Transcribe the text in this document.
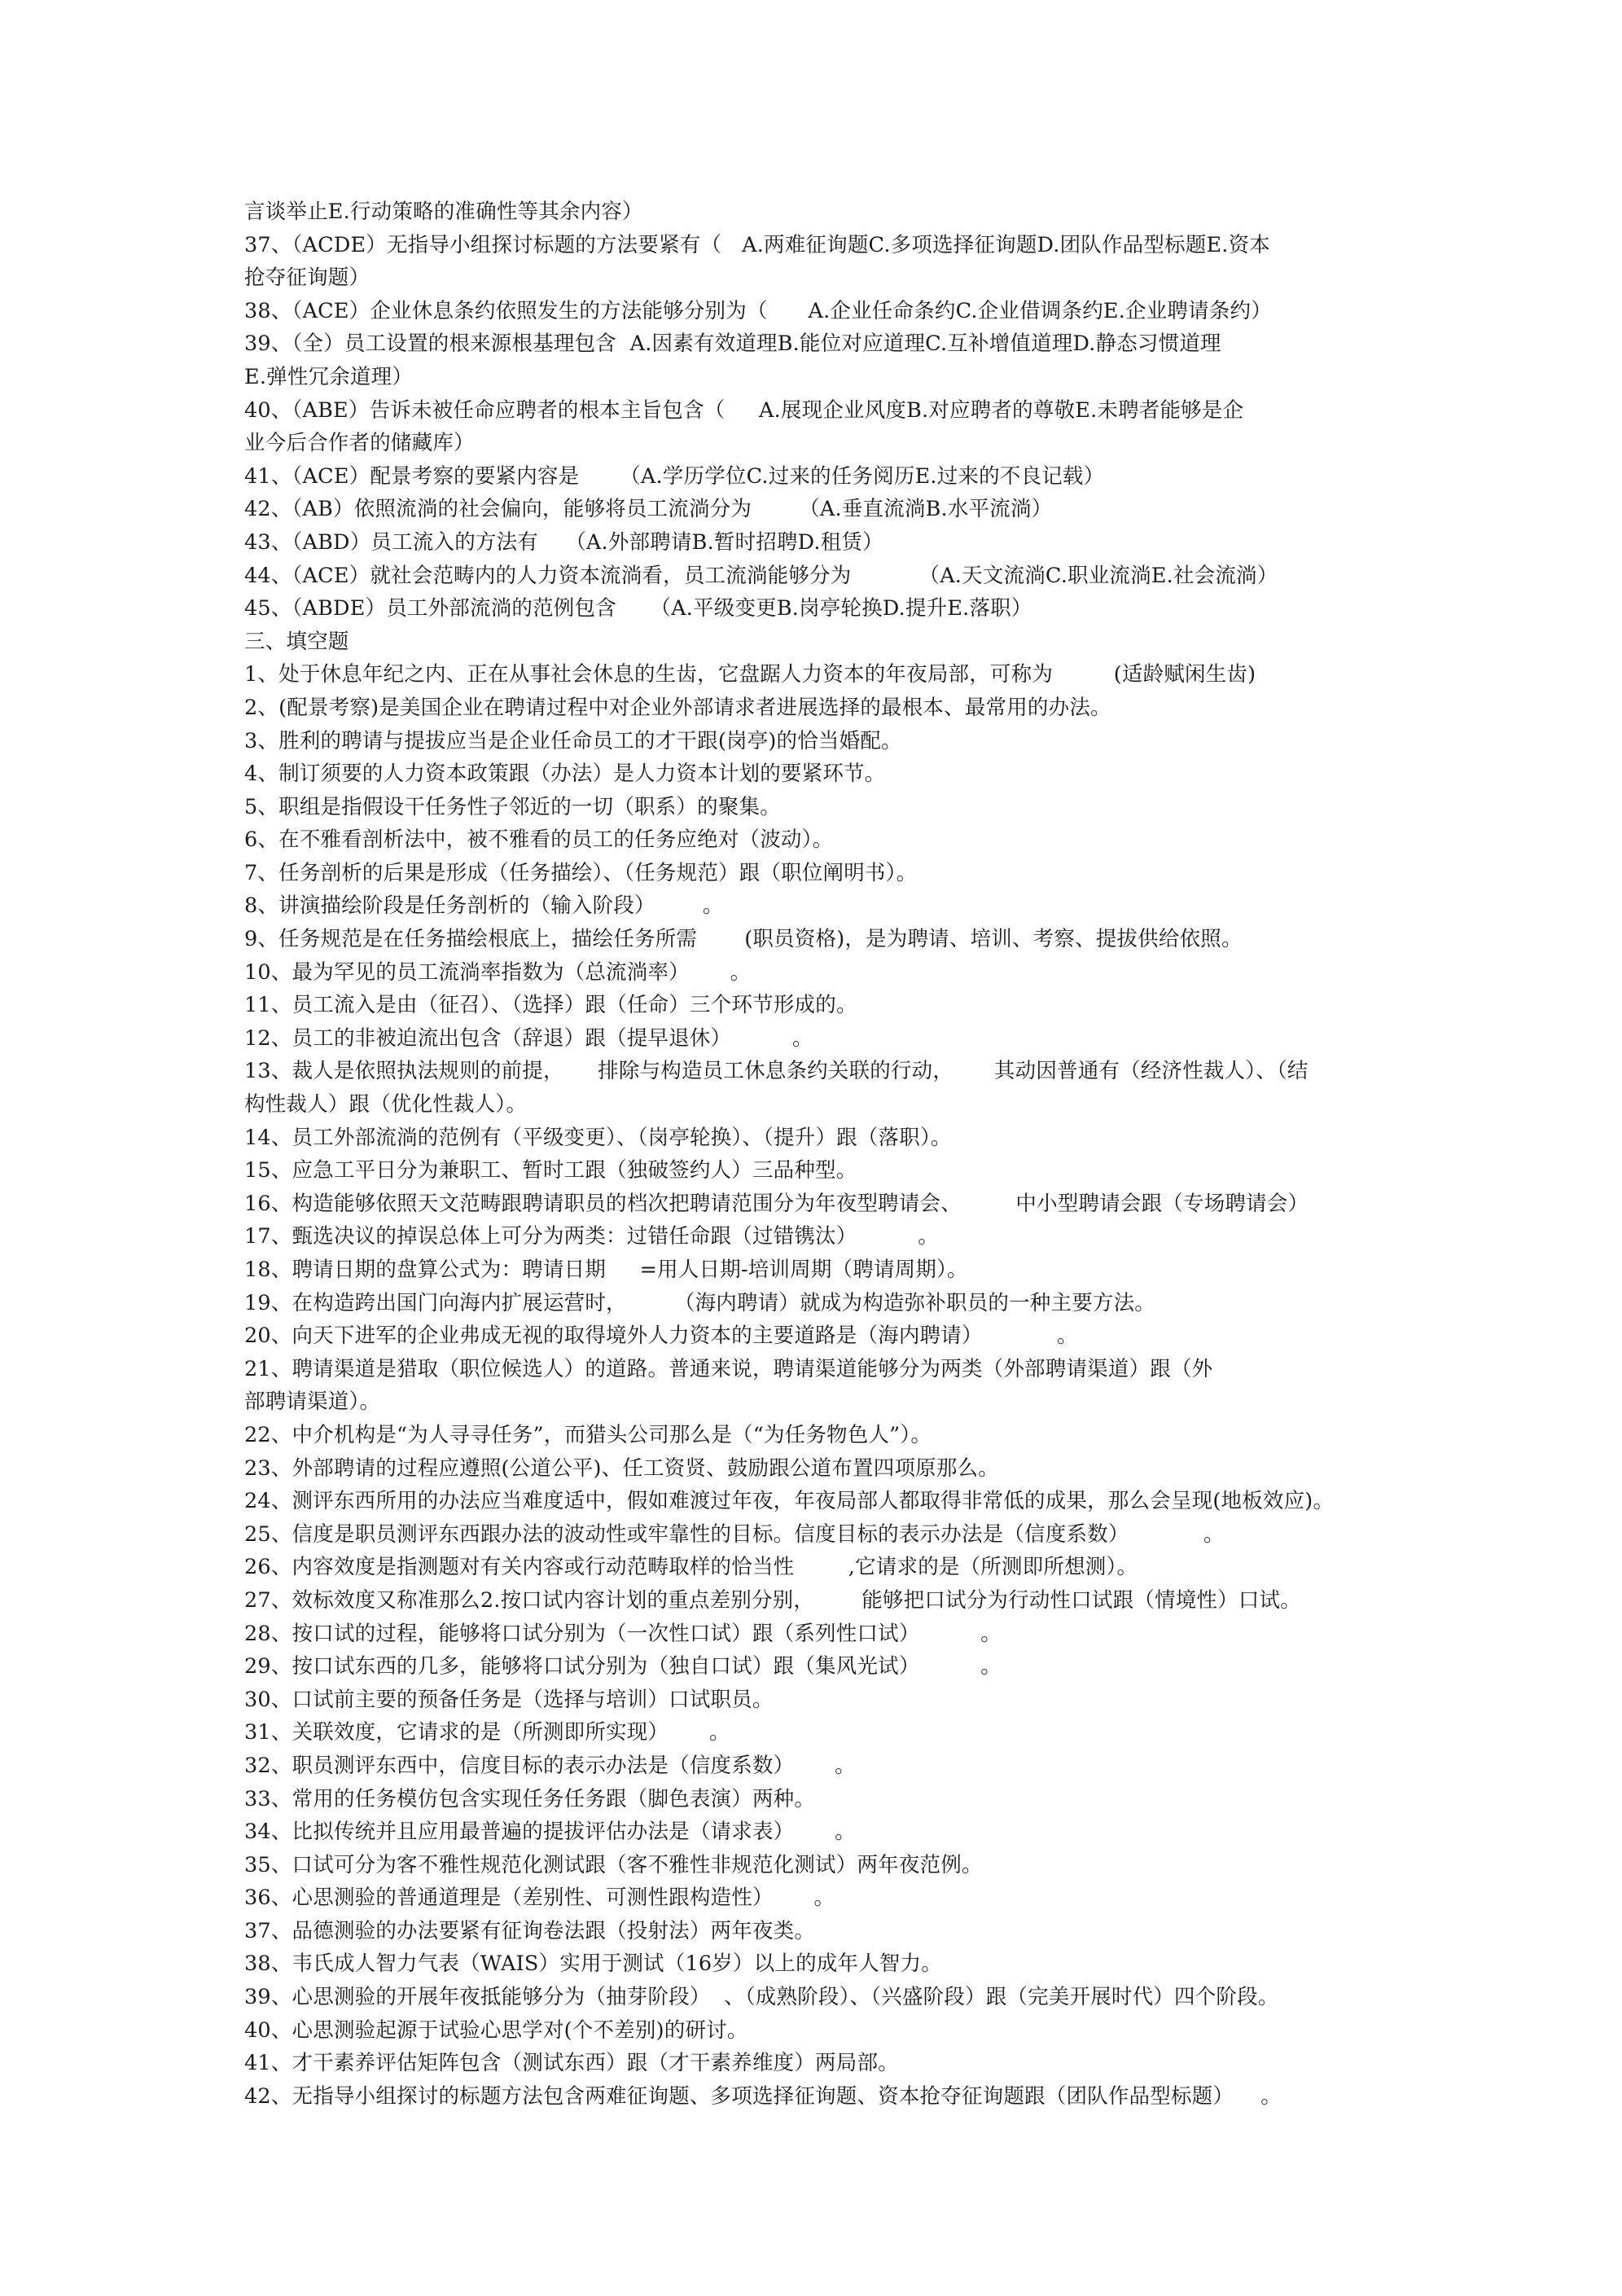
言谈举止E.行动策略的准确性等其余内容）
37、（ACDE）无指导小组探讨标题的方法要紧有（   A.两难征询题C.多项选择征询题D.团队作品型标题E.资本
抢夺征询题）
38、（ACE）企业休息条约依照发生的方法能够分别为（      A.企业任命条约C.企业借调条约E.企业聘请条约）
39、（全）员工设置的根来源根基理包含  A.因素有效道理B.能位对应道理C.互补增值道理D.静态习惯道理
E.弹性冗余道理）
40、（ABE）告诉未被任命应聘者的根本主旨包含（     A.展现企业风度B.对应聘者的尊敬E.未聘者能够是企
业今后合作者的储藏库）
41、（ACE）配景考察的要紧内容是      （A.学历学位C.过来的任务阅历E.过来的不良记载）
42、（AB）依照流淌的社会偏向，能够将员工流淌分为       （A.垂直流淌B.水平流淌）
43、（ABD）员工流入的方法有    （A.外部聘请B.暂时招聘D.租赁）
44、（ACE）就社会范畴内的人力资本流淌看，员工流淌能够分为          （A.天文流淌C.职业流淌E.社会流淌）
45、（ABDE）员工外部流淌的范例包含     （A.平级变更B.岗亭轮换D.提升E.落职）
三、填空题
1、处于休息年纪之内、正在从事社会休息的生齿，它盘踞人力资本的年夜局部，可称为         (适龄赋闲生齿)
2、(配景考察)是美国企业在聘请过程中对企业外部请求者进展选择的最根本、最常用的办法。
3、胜利的聘请与提拔应当是企业任命员工的才干跟(岗亭)的恰当婚配。
4、制订须要的人力资本政策跟（办法）是人力资本计划的要紧环节。
5、职组是指假设干任务性子邻近的一切（职系）的聚集。
6、在不雅看剖析法中，被不雅看的员工的任务应绝对（波动）。
7、任务剖析的后果是形成（任务描绘）、（任务规范）跟（职位阐明书）。
8、讲演描绘阶段是任务剖析的（输入阶段）       。
9、任务规范是在任务描绘根底上，描绘任务所需       (职员资格)，是为聘请、培训、考察、提拔供给依照。
10、最为罕见的员工流淌率指数为（总流淌率）      。
11、员工流入是由（征召）、（选择）跟（任命）三个环节形成的。
12、员工的非被迫流出包含（辞退）跟（提早退休）         。
13、裁人是依照执法规则的前提，     排除与构造员工休息条约关联的行动，      其动因普通有（经济性裁人）、（结
构性裁人）跟（优化性裁人）。
14、员工外部流淌的范例有（平级变更）、（岗亭轮换）、（提升）跟（落职）。
15、应急工平日分为兼职工、暂时工跟（独破签约人）三品种型。
16、构造能够依照天文范畴跟聘请职员的档次把聘请范围分为年夜型聘请会、        中小型聘请会跟（专场聘请会）
17、甄选决议的掉误总体上可分为两类：过错任命跟（过错镌汰）         。
18、聘请日期的盘算公式为：聘请日期     =用人日期-培训周期（聘请周期）。
19、在构造跨出国门向海内扩展运营时，       （海内聘请）就成为构造弥补职员的一种主要方法。
20、向天下进军的企业弗成无视的取得境外人力资本的主要道路是（海内聘请）           。
21、聘请渠道是猎取（职位候选人）的道路。普通来说，聘请渠道能够分为两类（外部聘请渠道）跟（外
部聘请渠道）。
22、中介机构是“为人寻寻任务”，而猎头公司那么是（“为任务物色人”）。
23、外部聘请的过程应遵照(公道公平)、任工资贤、鼓励跟公道布置四项原那么。
24、测评东西所用的办法应当难度适中，假如难渡过年夜，年夜局部人都取得非常低的成果，那么会呈现(地板效应)。
25、信度是职员测评东西跟办法的波动性或牢靠性的目标。信度目标的表示办法是（信度系数）           。
26、内容效度是指测题对有关内容或行动范畴取样的恰当性        ,它请求的是（所测即所想测）。
27、效标效度又称准那么2.按口试内容计划的重点差别分别，       能够把口试分为行动性口试跟（情境性）口试。
28、按口试的过程，能够将口试分别为（一次性口试）跟（系列性口试）         。
29、按口试东西的几多，能够将口试分别为（独自口试）跟（集风光试）         。
30、口试前主要的预备任务是（选择与培训）口试职员。
31、关联效度，它请求的是（所测即所实现）      。
32、职员测评东西中，信度目标的表示办法是（信度系数）      。
33、常用的任务模仿包含实现任务任务跟（脚色表演）两种。
34、比拟传统并且应用最普遍的提拔评估办法是（请求表）      。
35、口试可分为客不雅性规范化测试跟（客不雅性非规范化测试）两年夜范例。
36、心思测验的普通道理是（差别性、可测性跟构造性）      。
37、品德测验的办法要紧有征询卷法跟（投射法）两年夜类。
38、韦氏成人智力气表（WAIS）实用于测试（16岁）以上的成年人智力。
39、心思测验的开展年夜抵能够分为（抽芽阶段）  、（成熟阶段）、（兴盛阶段）跟（完美开展时代）四个阶段。
40、心思测验起源于试验心思学对(个不差别)的研讨。
41、才干素养评估矩阵包含（测试东西）跟（才干素养维度）两局部。
42、无指导小组探讨的标题方法包含两难征询题、多项选择征询题、资本抢夺征询题跟（团队作品型标题）    。
